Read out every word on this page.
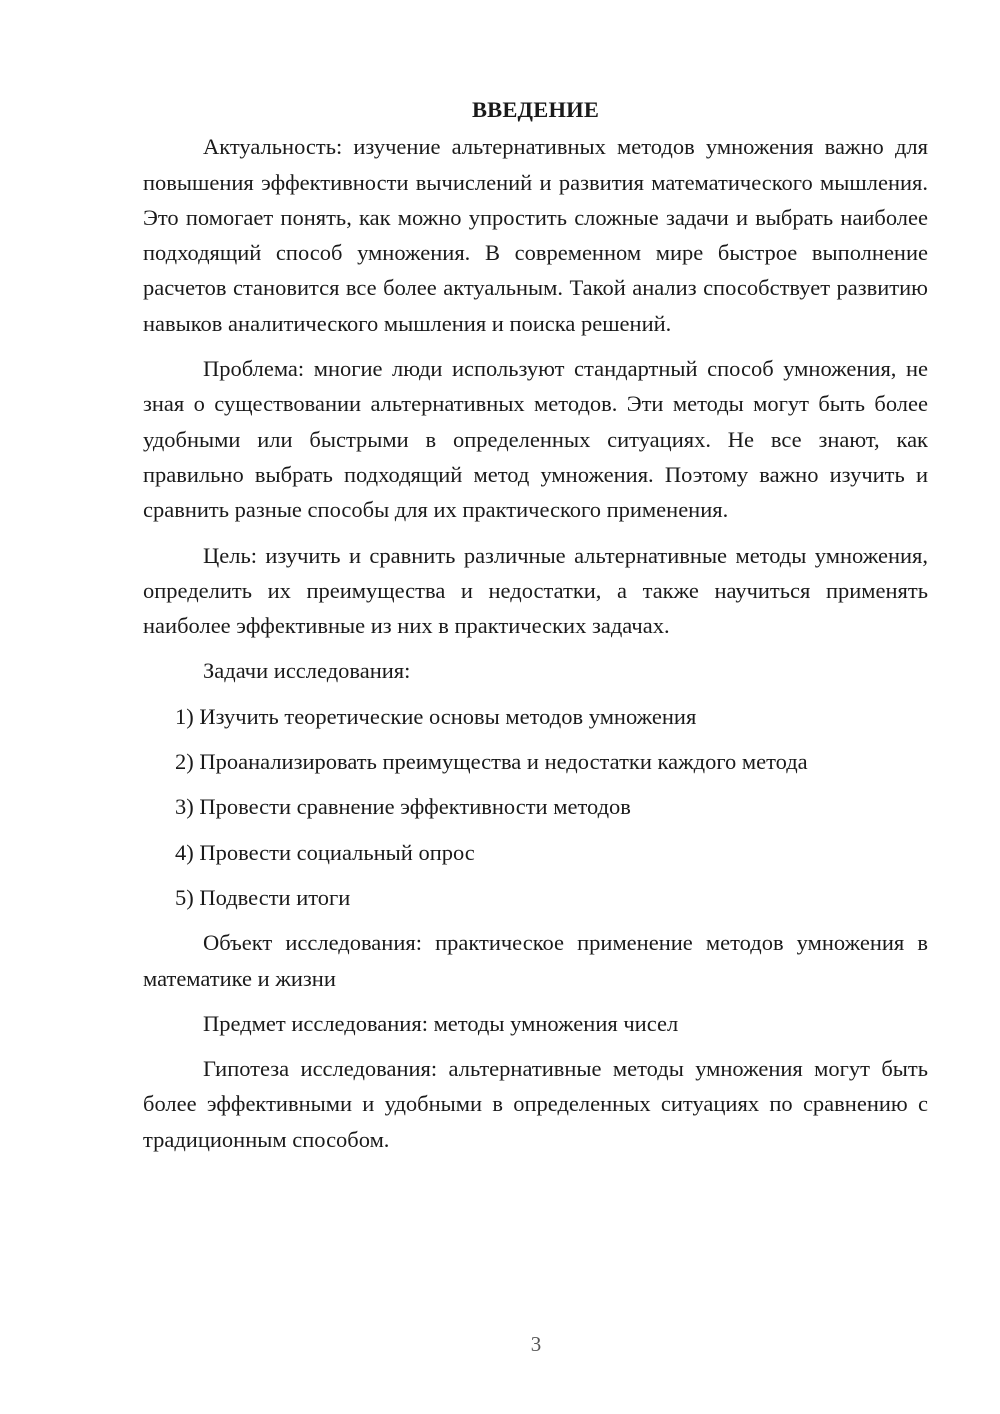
ВВЕДЕНИЕ

Актуальность: изучение альтернативных методов умножения важно для повышения эффективности вычислений и развития математического мышления. Это помогает понять, как можно упростить сложные задачи и выбрать наиболее подходящий способ умножения. В современном мире быстрое выполнение расчетов становится все более актуальным. Такой анализ способствует развитию навыков аналитического мышления и поиска решений.

Проблема: многие люди используют стандартный способ умножения, не зная о существовании альтернативных методов. Эти методы могут быть более удобными или быстрыми в определенных ситуациях. Не все знают, как правильно выбрать подходящий метод умножения. Поэтому важно изучить и сравнить разные способы для их практического применения.

Цель: изучить и сравнить различные альтернативные методы умножения, определить их преимущества и недостатки, а также научиться применять наиболее эффективные из них в практических задачах.

Задачи исследования:

1) Изучить теоретические основы методов умножения
2) Проанализировать преимущества и недостатки каждого метода
3) Провести сравнение эффективности методов
4) Провести социальный опрос
5) Подвести итоги

Объект исследования: практическое применение методов умножения в математике и жизни

Предмет исследования: методы умножения чисел

Гипотеза исследования: альтернативные методы умножения могут быть более эффективными и удобными в определенных ситуациях по сравнению с традиционным способом.

3
